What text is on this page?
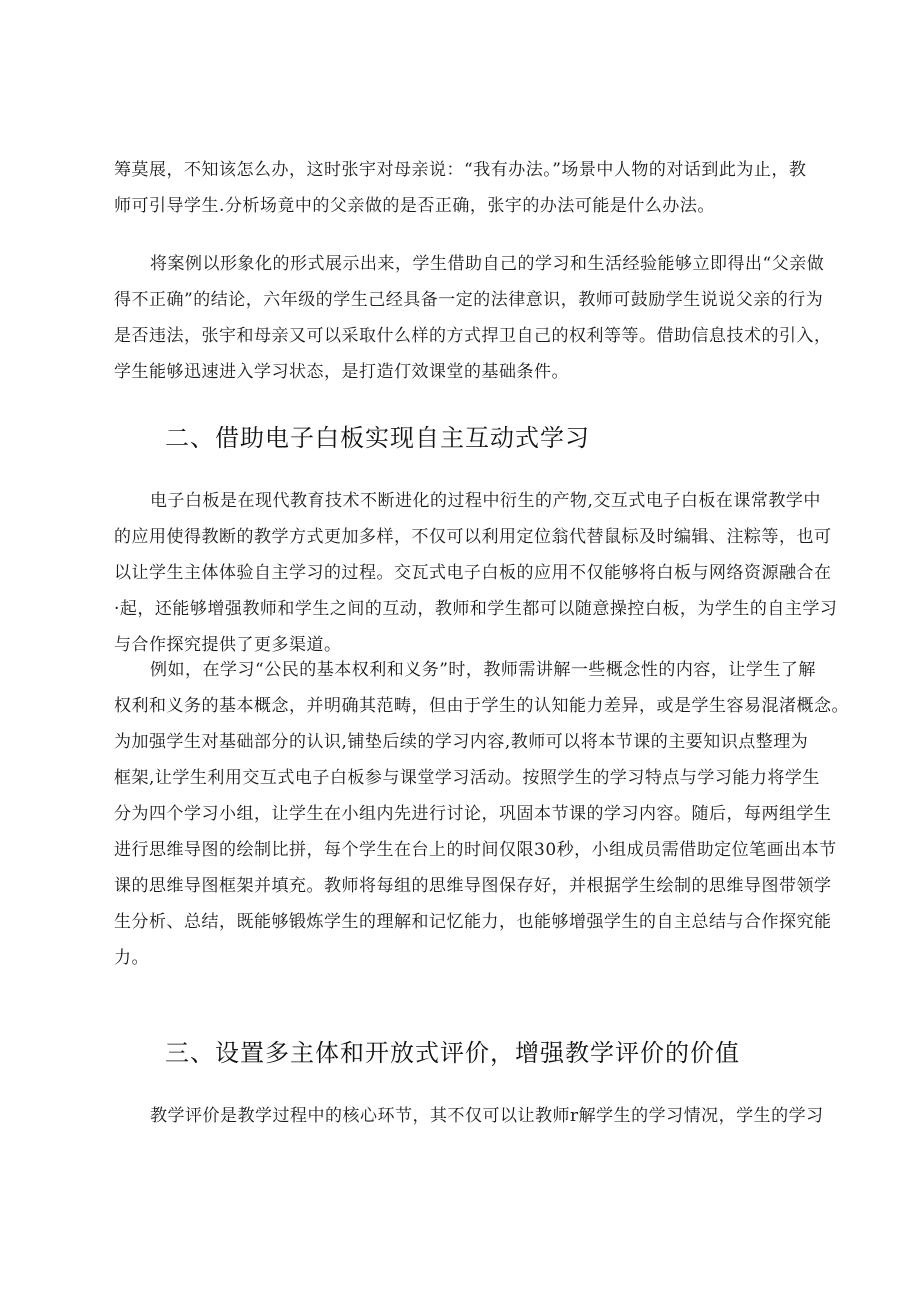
筹莫展，不知该怎么办，这时张宇对母亲说：“我有办法。”场景中人物的对话到此为止，教
师可引导学生.分析场竟中的父亲做的是否正确，张宇的办法可能是什么办法。
将案例以形象化的形式展示出来，学生借助自己的学习和生活经验能够立即得出“父亲做
得不正确”的结论，六年级的学生己经具备一定的法律意识，教师可鼓励学生说说父亲的行为
是否违法，张宇和母亲又可以采取什么样的方式捍卫自己的权利等等。借助信息技术的引入，
学生能够迅速进入学习状态，是打造仃效课堂的基础条件。
二、借助电子白板实现自主互动式学习
电子白板是在现代教育技术不断进化的过程中衍生的产物,交互式电子白板在课常教学中
的应用使得教断的教学方式更加多样，不仅可以利用定位翁代替鼠标及时编辑、注粽等，也可
以让学生主体体验自主学习的过程。交瓦式电子白板的应用不仅能够将白板与网络资源融合在
·起，还能够增强教师和学生之间的互动，教师和学生都可以随意操控白板，为学生的自主学习
与合作探究提供了更多渠道。
例如，在学习“公民的基本权利和义务”时，教师需讲解一些概念性的内容，让学生了解
权利和义务的基本概念，并明确其范畴，但由于学生的认知能力差异，或是学生容易混渚概念。
为加强学生对基础部分的认识,铺垫后续的学习内容,教师可以将本节课的主要知识点整理为
框架,让学生利用交互式电子白板参与课堂学习活动。按照学生的学习特点与学习能力将学生
分为四个学习小组，让学生在小组内先进行讨论，巩固本节课的学习内容。随后，每两组学生
进行思维导图的绘制比拼，每个学生在台上的时间仅限30秒，小组成员需借助定位笔画出本节
课的思维导图框架并填充。教师将每组的思维导图保存好，并根据学生绘制的思维导图带领学
生分析、总结，既能够锻炼学生的理解和记忆能力，也能够增强学生的自主总结与合作探究能
力。
三、设置多主体和开放式评价，增强教学评价的价值
教学评价是教学过程中的核心环节，其不仅可以让教师r解学生的学习情况，学生的学习
